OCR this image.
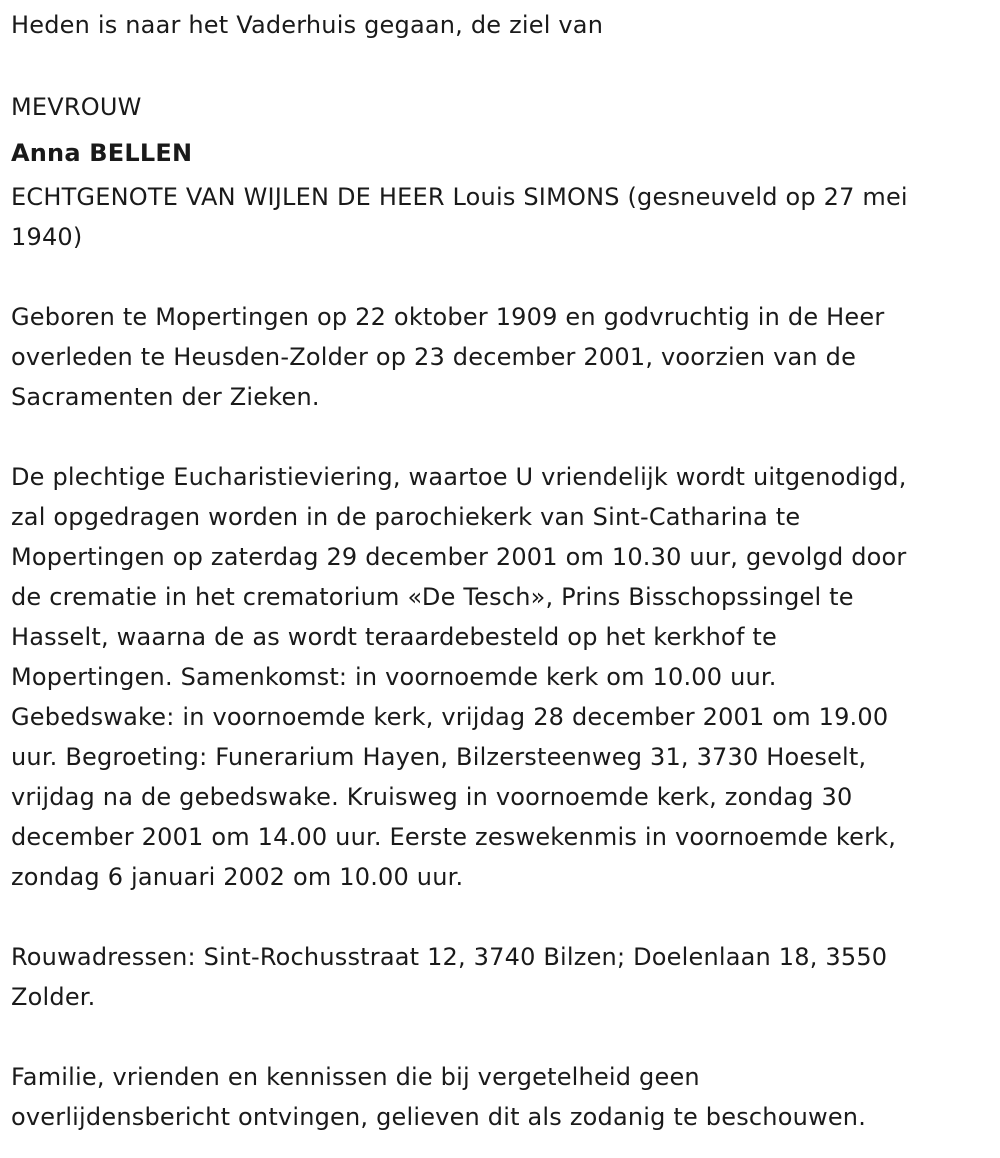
Heden is naar het Vaderhuis gegaan, de ziel van
MEVROUW
Anna BELLEN
ECHTGENOTE VAN WIJLEN DE HEER Louis SIMONS (gesneuveld op 27 mei
1940)
Geboren te Mopertingen op 22 oktober 1909 en godvruchtig in de Heer
overleden te Heusden-Zolder op 23 december 2001, voorzien van de
Sacramenten der Zieken.
De plechtige Eucharistieviering, waartoe U vriendelijk wordt uitgenodigd,
zal opgedragen worden in de parochiekerk van Sint-Catharina te
Mopertingen op zaterdag 29 december 2001 om 10.30 uur, gevolgd door
de crematie in het crematorium «De Tesch», Prins Bisschopssingel te
Hasselt, waarna de as wordt teraardebesteld op het kerkhof te
Mopertingen. Samenkomst: in voornoemde kerk om 10.00 uur.
Gebedswake: in voornoemde kerk, vrijdag 28 december 2001 om 19.00
uur. Begroeting: Funerarium Hayen, Bilzersteenweg 31, 3730 Hoeselt,
vrijdag na de gebedswake. Kruisweg in voornoemde kerk, zondag 30
december 2001 om 14.00 uur. Eerste zeswekenmis in voornoemde kerk,
zondag 6 januari 2002 om 10.00 uur.
Rouwadressen: Sint-Rochusstraat 12, 3740 Bilzen; Doelenlaan 18, 3550
Zolder.
Familie, vrienden en kennissen die bij vergetelheid geen
overlijdensbericht ontvingen, gelieven dit als zodanig te beschouwen.
